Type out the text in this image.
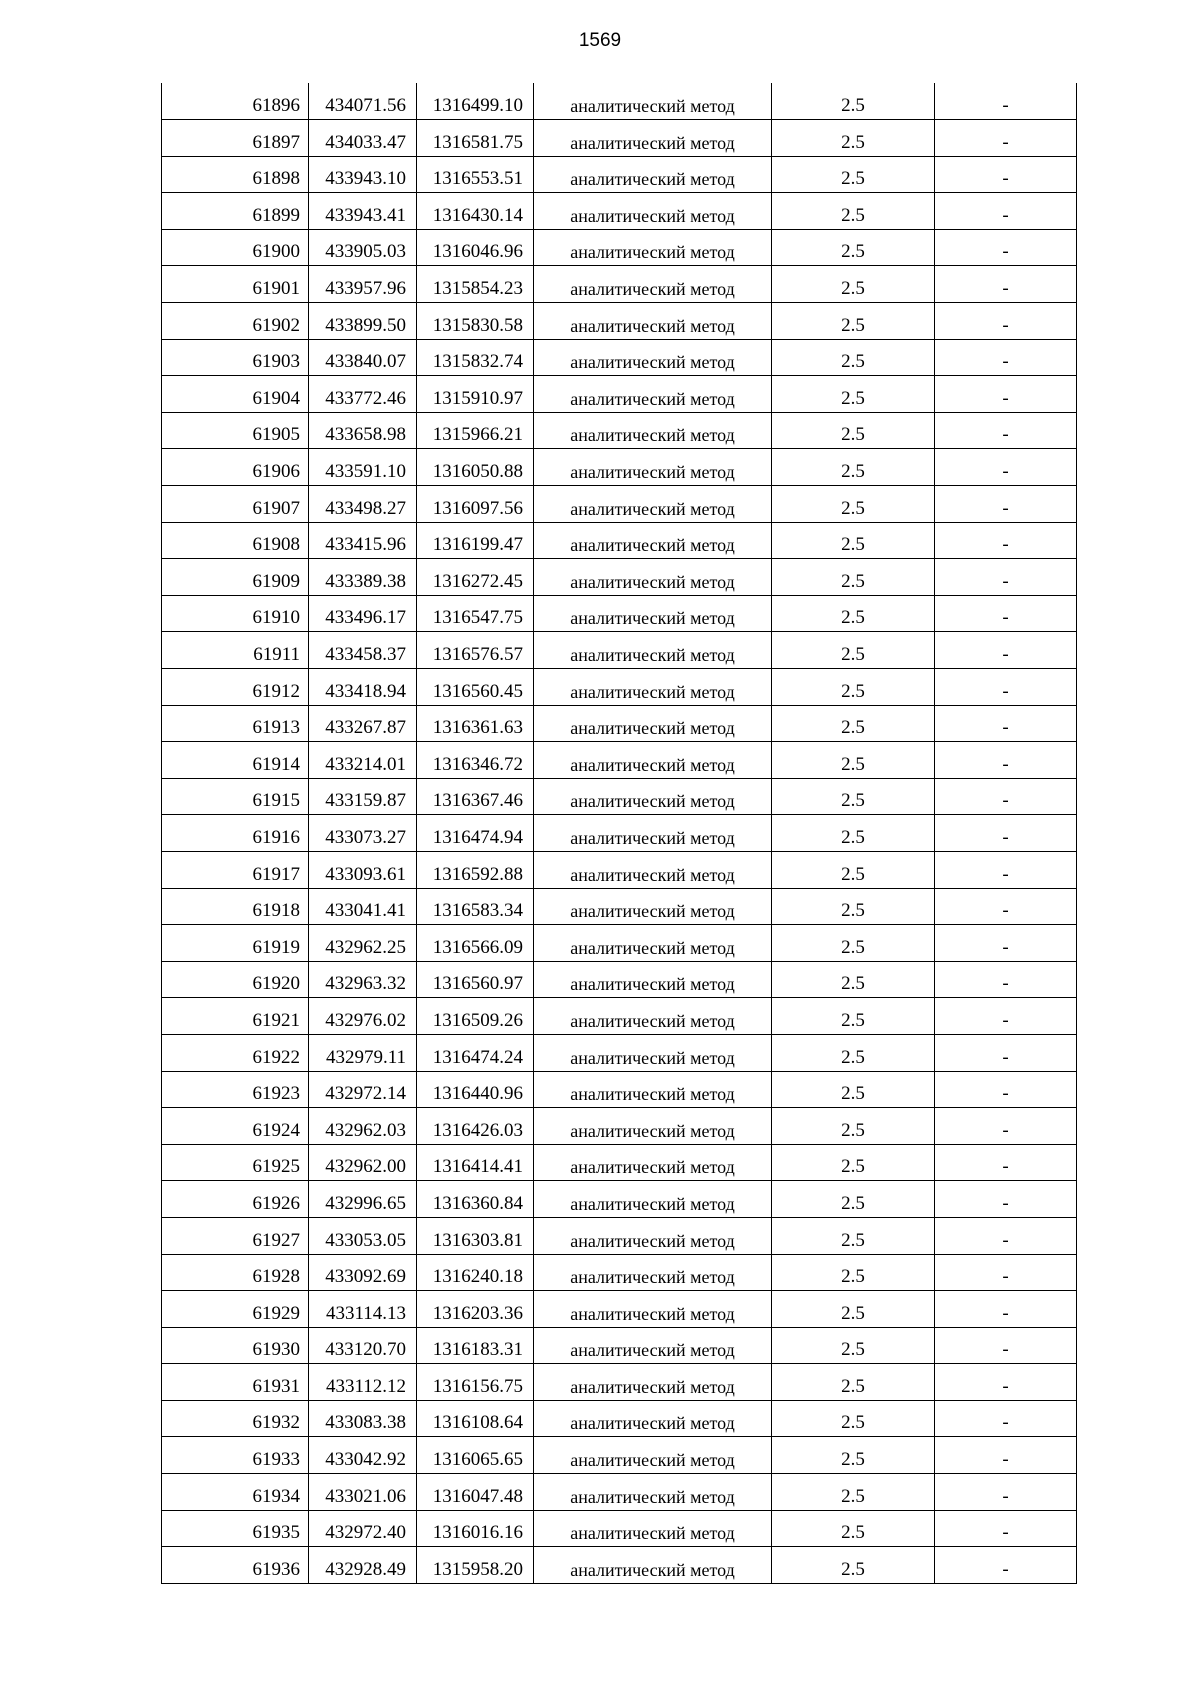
1569
61896	434071.56	1316499.10	аналитический метод	2.5	-
61897	434033.47	1316581.75	аналитический метод	2.5	-
61898	433943.10	1316553.51	аналитический метод	2.5	-
61899	433943.41	1316430.14	аналитический метод	2.5	-
61900	433905.03	1316046.96	аналитический метод	2.5	-
61901	433957.96	1315854.23	аналитический метод	2.5	-
61902	433899.50	1315830.58	аналитический метод	2.5	-
61903	433840.07	1315832.74	аналитический метод	2.5	-
61904	433772.46	1315910.97	аналитический метод	2.5	-
61905	433658.98	1315966.21	аналитический метод	2.5	-
61906	433591.10	1316050.88	аналитический метод	2.5	-
61907	433498.27	1316097.56	аналитический метод	2.5	-
61908	433415.96	1316199.47	аналитический метод	2.5	-
61909	433389.38	1316272.45	аналитический метод	2.5	-
61910	433496.17	1316547.75	аналитический метод	2.5	-
61911	433458.37	1316576.57	аналитический метод	2.5	-
61912	433418.94	1316560.45	аналитический метод	2.5	-
61913	433267.87	1316361.63	аналитический метод	2.5	-
61914	433214.01	1316346.72	аналитический метод	2.5	-
61915	433159.87	1316367.46	аналитический метод	2.5	-
61916	433073.27	1316474.94	аналитический метод	2.5	-
61917	433093.61	1316592.88	аналитический метод	2.5	-
61918	433041.41	1316583.34	аналитический метод	2.5	-
61919	432962.25	1316566.09	аналитический метод	2.5	-
61920	432963.32	1316560.97	аналитический метод	2.5	-
61921	432976.02	1316509.26	аналитический метод	2.5	-
61922	432979.11	1316474.24	аналитический метод	2.5	-
61923	432972.14	1316440.96	аналитический метод	2.5	-
61924	432962.03	1316426.03	аналитический метод	2.5	-
61925	432962.00	1316414.41	аналитический метод	2.5	-
61926	432996.65	1316360.84	аналитический метод	2.5	-
61927	433053.05	1316303.81	аналитический метод	2.5	-
61928	433092.69	1316240.18	аналитический метод	2.5	-
61929	433114.13	1316203.36	аналитический метод	2.5	-
61930	433120.70	1316183.31	аналитический метод	2.5	-
61931	433112.12	1316156.75	аналитический метод	2.5	-
61932	433083.38	1316108.64	аналитический метод	2.5	-
61933	433042.92	1316065.65	аналитический метод	2.5	-
61934	433021.06	1316047.48	аналитический метод	2.5	-
61935	432972.40	1316016.16	аналитический метод	2.5	-
61936	432928.49	1315958.20	аналитический метод	2.5	-
